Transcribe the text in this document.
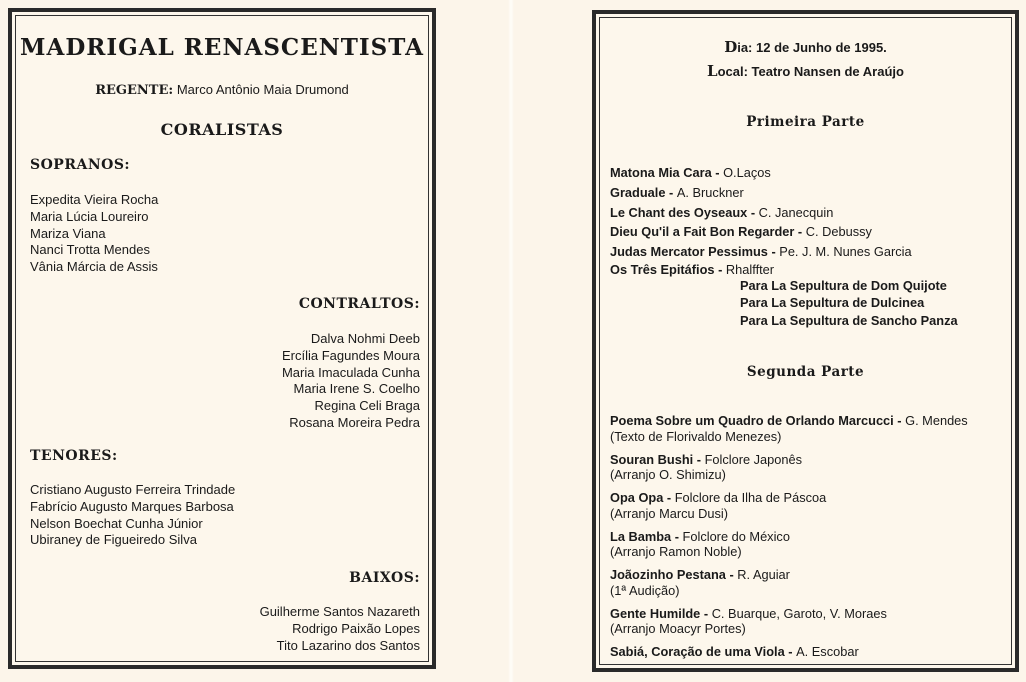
MADRIGAL RENASCENTISTA
REGENTE: Marco Antônio Maia Drumond
CORALISTAS
SOPRANOS:
Expedita Vieira Rocha
Maria Lúcia Loureiro
Mariza Viana
Nanci Trotta Mendes
Vânia Márcia de Assis
CONTRALTOS:
Dalva Nohmi Deeb
Ercília Fagundes Moura
Maria Imaculada Cunha
Maria Irene S. Coelho
Regina Celi Braga
Rosana Moreira Pedra
TENORES:
Cristiano Augusto Ferreira Trindade
Fabrício Augusto Marques Barbosa
Nelson Boechat Cunha Júnior
Ubiraney de Figueiredo Silva
BAIXOS:
Guilherme Santos Nazareth
Rodrigo Paixão Lopes
Tito Lazarino dos Santos
Dia: 12 de Junho de 1995.
Local: Teatro Nansen de Araújo
Primeira Parte
Matona Mia Cara - O.Laços
Graduale - A. Bruckner
Le Chant des Oyseaux - C. Janecquin
Dieu Qu'il a Fait Bon Regarder - C. Debussy
Judas Mercator Pessimus - Pe. J. M. Nunes Garcia
Os Três Epitáfios - Rhalffter
Para La Sepultura de Dom Quijote
Para La Sepultura de Dulcinea
Para La Sepultura de Sancho Panza
Segunda Parte
Poema Sobre um Quadro de Orlando Marcucci - G. Mendes
(Texto de Florivaldo Menezes)
Souran Bushi - Folclore Japonês
(Arranjo O. Shimizu)
Opa Opa - Folclore da Ilha de Páscoa
(Arranjo Marcu Dusi)
La Bamba - Folclore do México
(Arranjo Ramon Noble)
Joãozinho Pestana - R. Aguiar
(1ª Audição)
Gente Humilde - C. Buarque, Garoto, V. Moraes
(Arranjo Moacyr Portes)
Sabiá, Coração de uma Viola - A. Escobar
